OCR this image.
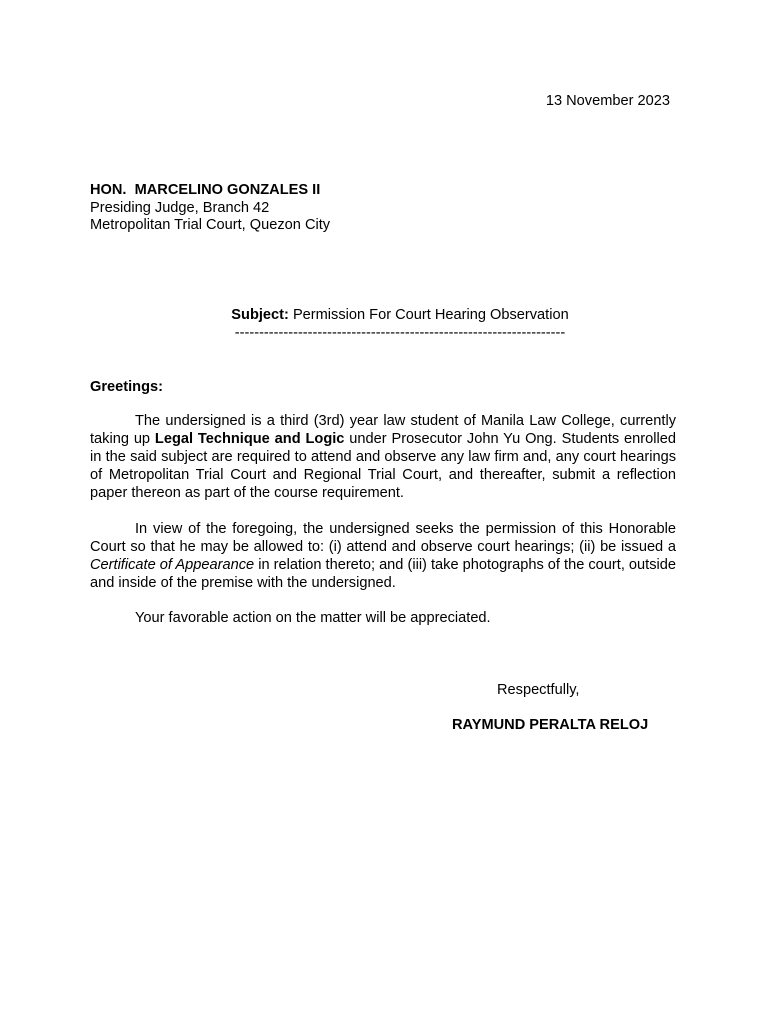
13 November 2023
HON.  MARCELINO GONZALES II
Presiding Judge, Branch 42
Metropolitan Trial Court, Quezon City
Subject: Permission For Court Hearing Observation
--------------------------------------------------------------------
Greetings:

The undersigned is a third (3rd) year law student of Manila Law College, currently taking up Legal Technique and Logic under Prosecutor John Yu Ong. Students enrolled in the said subject are required to attend and observe any law firm and, any court hearings of Metropolitan Trial Court and Regional Trial Court, and thereafter, submit a reflection paper thereon as part of the course requirement.

In view of the foregoing, the undersigned seeks the permission of this Honorable Court so that he may be allowed to: (i) attend and observe court hearings; (ii) be issued a Certificate of Appearance in relation thereto; and (iii) take photographs of the court, outside and inside of the premise with the undersigned.

Your favorable action on the matter will be appreciated.

Respectfully,
RAYMUND PERALTA RELOJ
